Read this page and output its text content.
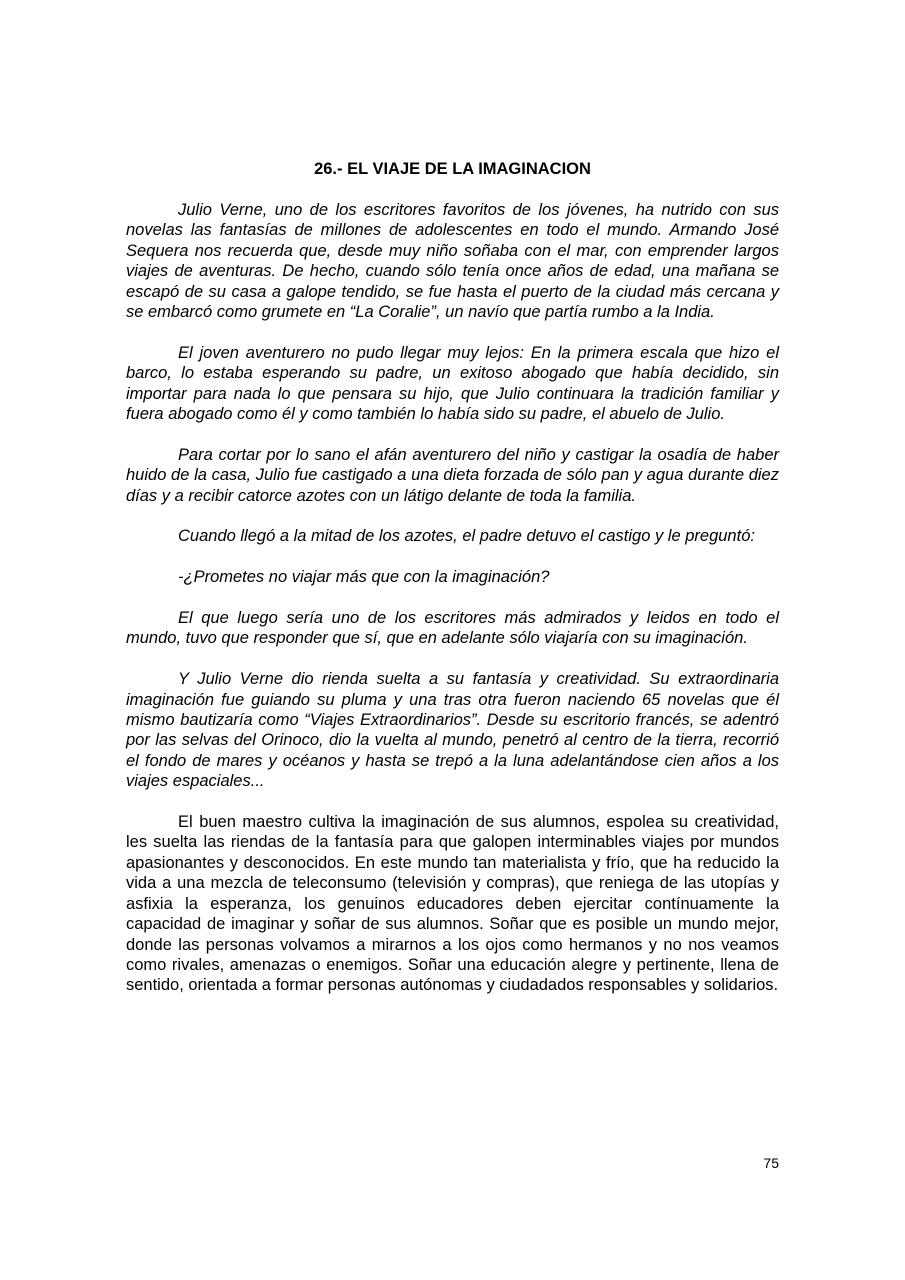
26.- EL VIAJE DE LA IMAGINACION

Julio Verne, uno de los escritores favoritos de los jóvenes, ha nutrido con sus novelas las fantasías de millones de adolescentes en todo el mundo. Armando José Sequera nos recuerda que, desde muy niño soñaba con el mar, con emprender largos viajes de aventuras. De hecho, cuando sólo tenía once años de edad, una mañana se escapó de su casa a galope tendido, se fue hasta el puerto de la ciudad más cercana y se embarcó como grumete en “La Coralie”, un navío que partía rumbo a la India.

El joven aventurero no pudo llegar muy lejos: En la primera escala que hizo el barco, lo estaba esperando su padre, un exitoso abogado que había decidido, sin importar para nada lo que pensara su hijo, que Julio continuara la tradición familiar y fuera abogado como él y como también lo había sido su padre, el abuelo de Julio.

Para cortar por lo sano el afán aventurero del niño y castigar la osadía de haber huido de la casa, Julio fue castigado a una dieta forzada de sólo pan y agua durante diez días y a recibir catorce azotes con un látigo delante de toda la familia.

Cuando llegó a la mitad de los azotes, el padre detuvo el castigo y le preguntó:

-¿Prometes no viajar más que con la imaginación?

El que luego sería uno de los escritores más admirados y leidos en todo el mundo, tuvo que responder que sí, que en adelante sólo viajaría con su imaginación.

Y Julio Verne dio rienda suelta a su fantasía y creatividad. Su extraordinaria imaginación fue guiando su pluma y una tras otra fueron naciendo 65 novelas que él mismo bautizaría como “Viajes Extraordinarios”. Desde su escritorio francés, se adentró por las selvas del Orinoco, dio la vuelta al mundo, penetró al centro de la tierra, recorrió el fondo de mares y océanos y hasta se trepó a la luna adelantándose cien años a los viajes espaciales...

El buen maestro cultiva la imaginación de sus alumnos, espolea su creatividad, les suelta las riendas de la fantasía para que galopen interminables viajes por mundos apasionantes y desconocidos. En este mundo tan materialista y frío, que ha reducido la vida a una mezcla de teleconsumo (televisión y compras), que reniega de las utopías y asfixia la esperanza, los genuinos educadores deben ejercitar contínuamente la capacidad de imaginar y soñar de sus alumnos. Soñar que es posible un mundo mejor, donde las personas volvamos a mirarnos a los ojos como hermanos y no nos veamos como rivales, amenazas o enemigos. Soñar una educación alegre y pertinente, llena de sentido, orientada a formar personas autónomas y ciudadados responsables y solidarios.

75
